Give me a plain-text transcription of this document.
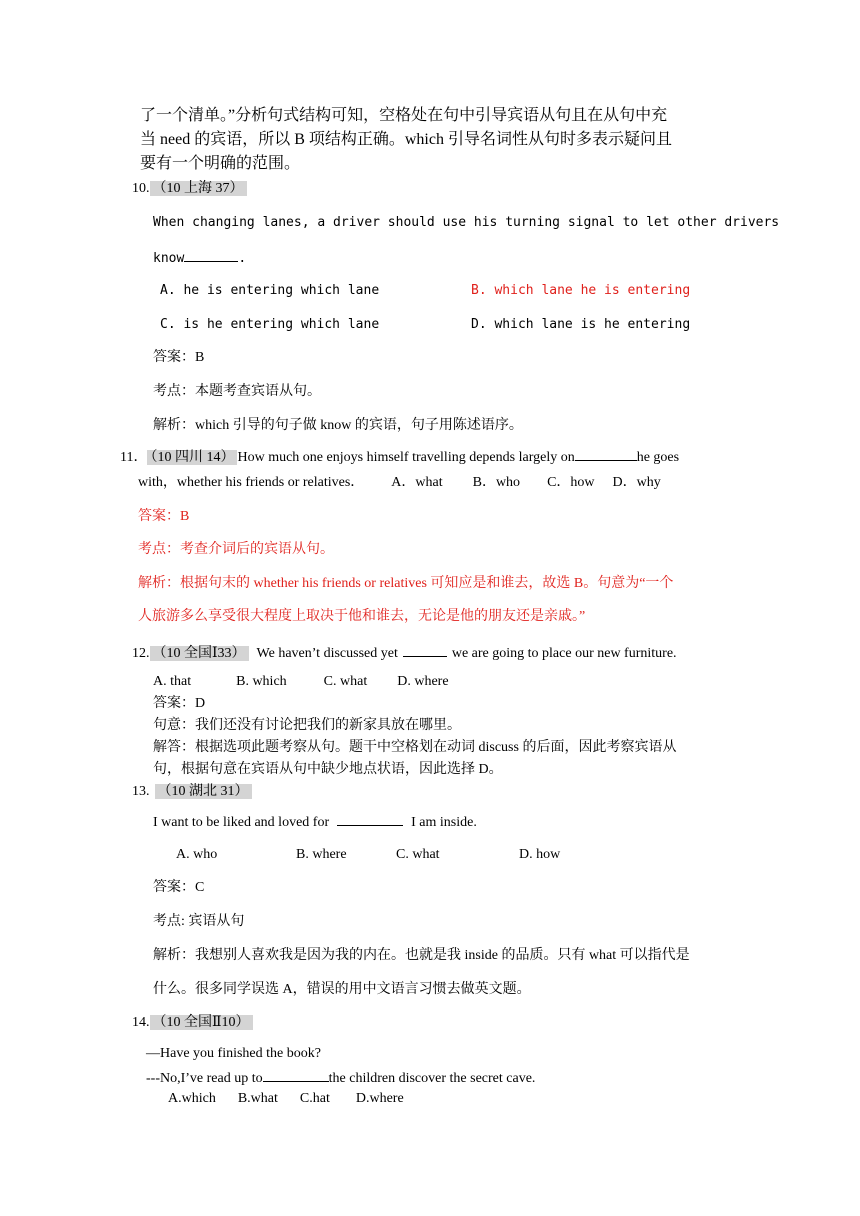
了一个清单。”分析句式结构可知，空格处在句中引导宾语从句且在从句中充
当 need 的宾语，所以 B 项结构正确。which 引导名词性从句时多表示疑问且
要有一个明确的范围。
10. （10 上海 37）
When changing lanes, a driver should use his turning signal to let other drivers
know	.
A. he is entering which lane	B. which lane he is entering
C. is he entering which lane	D. which lane is he entering
答案：B
考点：本题考查宾语从句。
解析：which 引导的句子做 know 的宾语，句子用陈述语序。
11． （10 四川 14） How much one enjoys himself travelling depends largely on	he goes
with，whether his friends or relatives． A．what B．who C．how D．why
答案：B
考点：考查介词后的宾语从句。
解析：根据句末的 whether his friends or relatives 可知应是和谁去，故选 B。句意为“一个
人旅游多么享受很大程度上取决于他和谁去，无论是他的朋友还是亲戚。”
12. （10 全国Ⅰ33） We haven’t discussed yet	we are going to place our new furniture.
A. that	B. which	C. what D. where
答案：D
句意：我们还没有讨论把我们的新家具放在哪里。
解答：根据选项此题考察从句。题干中空格划在动词 discuss 的后面，因此考察宾语从
句，根据句意在宾语从句中缺少地点状语，因此选择 D。
13. （10 湖北 31）
I want to be liked and loved for	I am inside.
A. who	B. where	C. what	D. how
答案：C
考点: 宾语从句
解析：我想别人喜欢我是因为我的内在。也就是我 inside 的品质。只有 what 可以指代是
什么。很多同学误选 A，错误的用中文语言习惯去做英文题。
14. （10 全国Ⅱ10）
—Have you finished the book?
---No,I’ve read up to	the children discover the secret cave.
A.which B.what C.hat D.where
